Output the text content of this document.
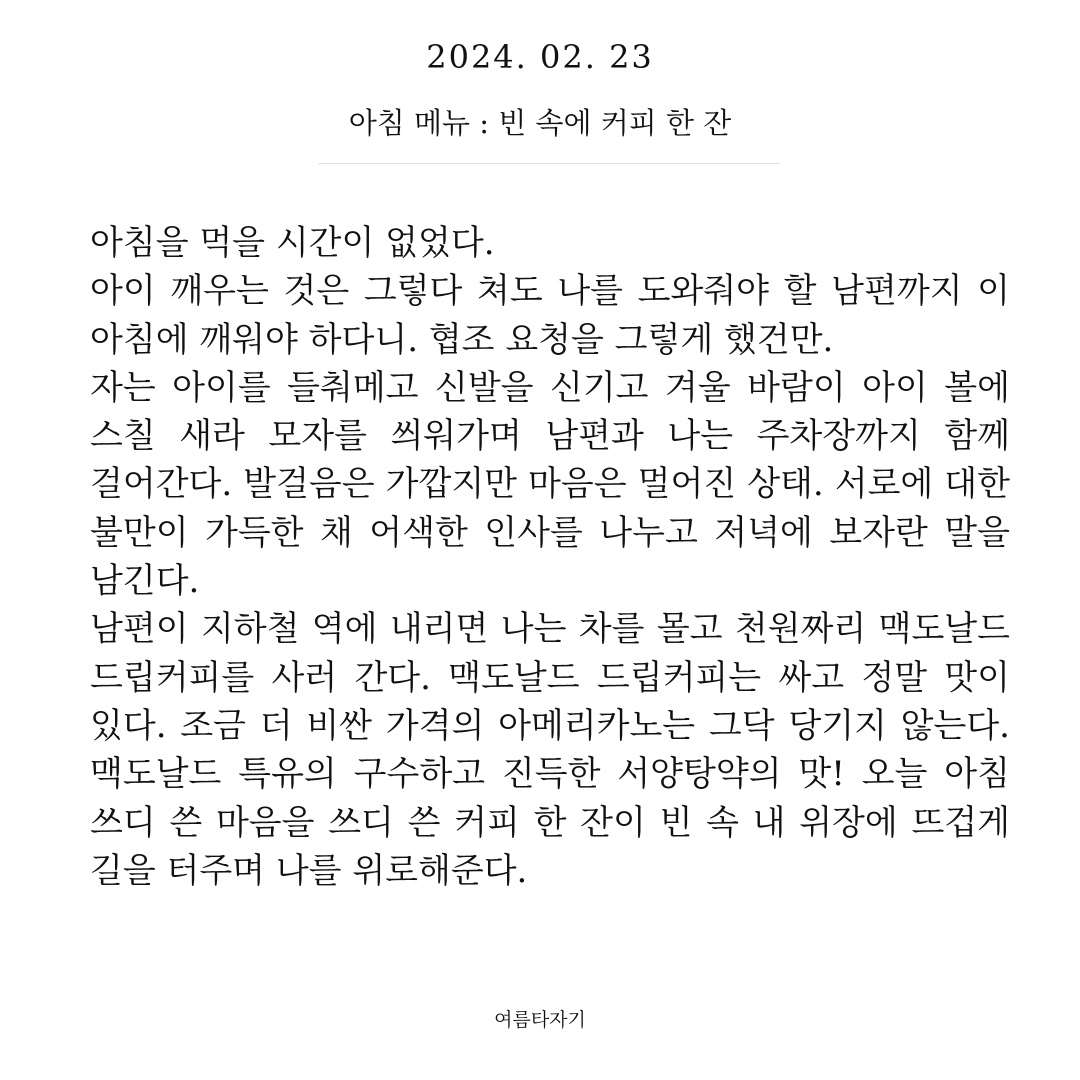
2024. 02. 23
아침 메뉴 : 빈 속에 커피 한 잔

아침을 먹을 시간이 없었다.

아이 깨우는 것은 그렇다 쳐도 나를 도와줘야 할 남편까지 이 아침에 깨워야 하다니. 협조 요청을 그렇게 했건만.

자는 아이를 들춰메고 신발을 신기고 겨울 바람이 아이 볼에 스칠 새라 모자를 씌워가며 남편과 나는 주차장까지 함께 걸어간다. 발걸음은 가깝지만 마음은 멀어진 상태. 서로에 대한 불만이 가득한 채 어색한 인사를 나누고 저녁에 보자란 말을 남긴다.

남편이 지하철 역에 내리면 나는 차를 몰고 천원짜리 맥도날드 드립커피를 사러 간다. 맥도날드 드립커피는 싸고 정말 맛이 있다. 조금 더 비싼 가격의 아메리카노는 그닥 당기지 않는다. 맥도날드 특유의 구수하고 진득한 서양탕약의 맛! 오늘 아침 쓰디 쓴 마음을 쓰디 쓴 커피 한 잔이 빈 속 내 위장에 뜨겁게 길을 터주며 나를 위로해준다.

여름타자기
